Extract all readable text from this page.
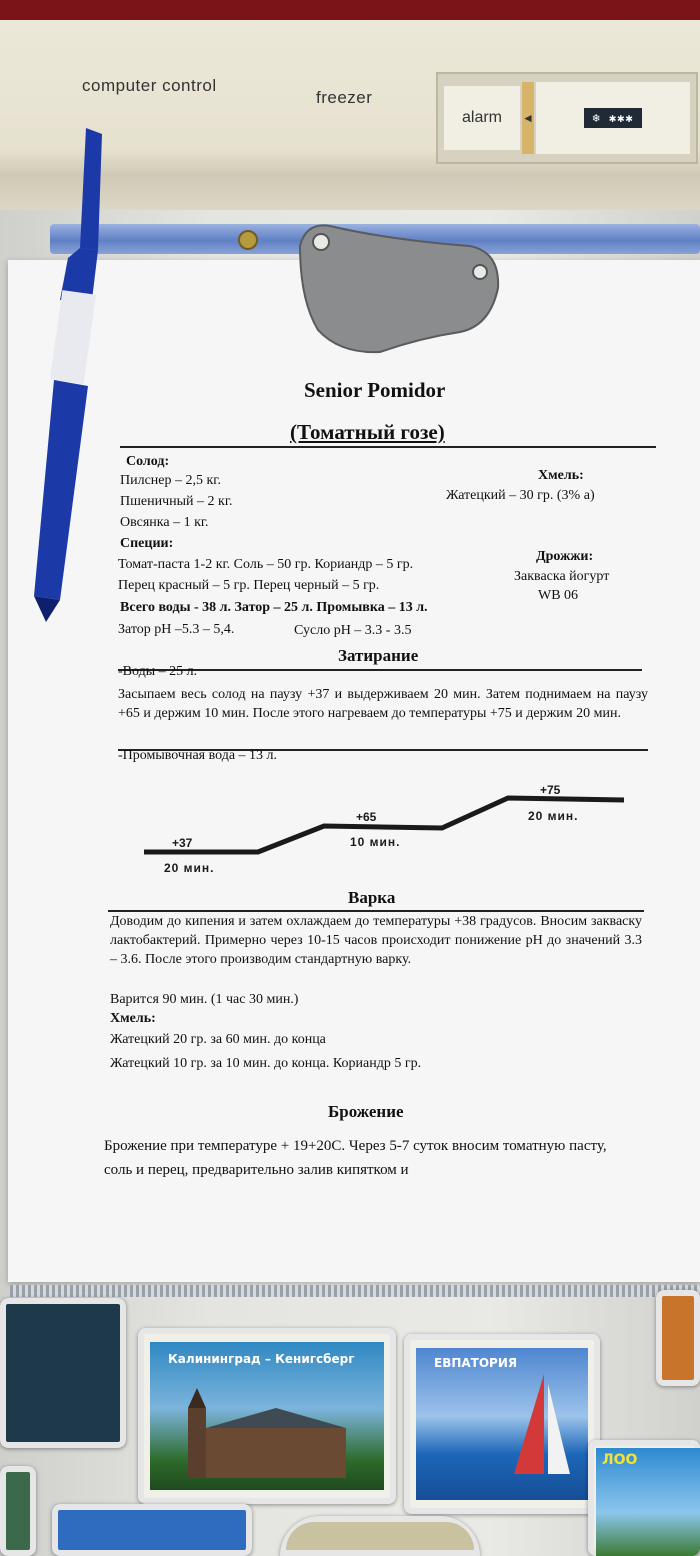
computer control
freezer
alarm ◄	❄ ✱✱✱
Senior Pomidor
(Томатный гозе)
Солод:
Пилснер – 2,5 кг.
Пшеничный – 2 кг.
Овсянка – 1 кг.
Хмель:
Жатецкий – 30 гр. (3% а)
Специи:
Томат-паста 1-2 кг. Соль – 50 гр. Кориандр – 5 гр.
Перец красный – 5 гр. Перец черный – 5 гр.
Дрожжи:
Закваска йогурт
WB 06
Всего воды - 38 л. Затор – 25 л. Промывка – 13 л.
Затор pH –5.3 – 5,4.	Сусло pH – 3.3 - 3.5
Затирание
-Воды – 25 л.
Засыпаем весь солод на паузу +37 и выдерживаем 20 мин. Затем поднимаем на паузу +65 и держим 10 мин. После этого нагреваем до температуры +75 и держим 20 мин.
-Промывочная вода – 13 л.
+37
20 мин.
+65
10 мин.
+75
20 мин.
Варка
Доводим до кипения и затем охлаждаем до температуры +38 градусов. Вносим закваску лактобактерий. Примерно через 10-15 часов происходит понижение pH до значений 3.3 – 3.6. После этого производим стандартную варку.
Варится 90 мин. (1 час 30 мин.)
Хмель:
Жатецкий 20 гр. за 60 мин. до конца
Жатецкий 10 гр. за 10 мин. до конца. Кориандр 5 гр.
Брожение
Брожение при температуре + 19+20С. Через 5-7 суток вносим томатную пасту, соль и перец, предварительно залив кипятком и
Калининград – Кенигсберг	ЕВПАТОРИЯ
ЛОО
